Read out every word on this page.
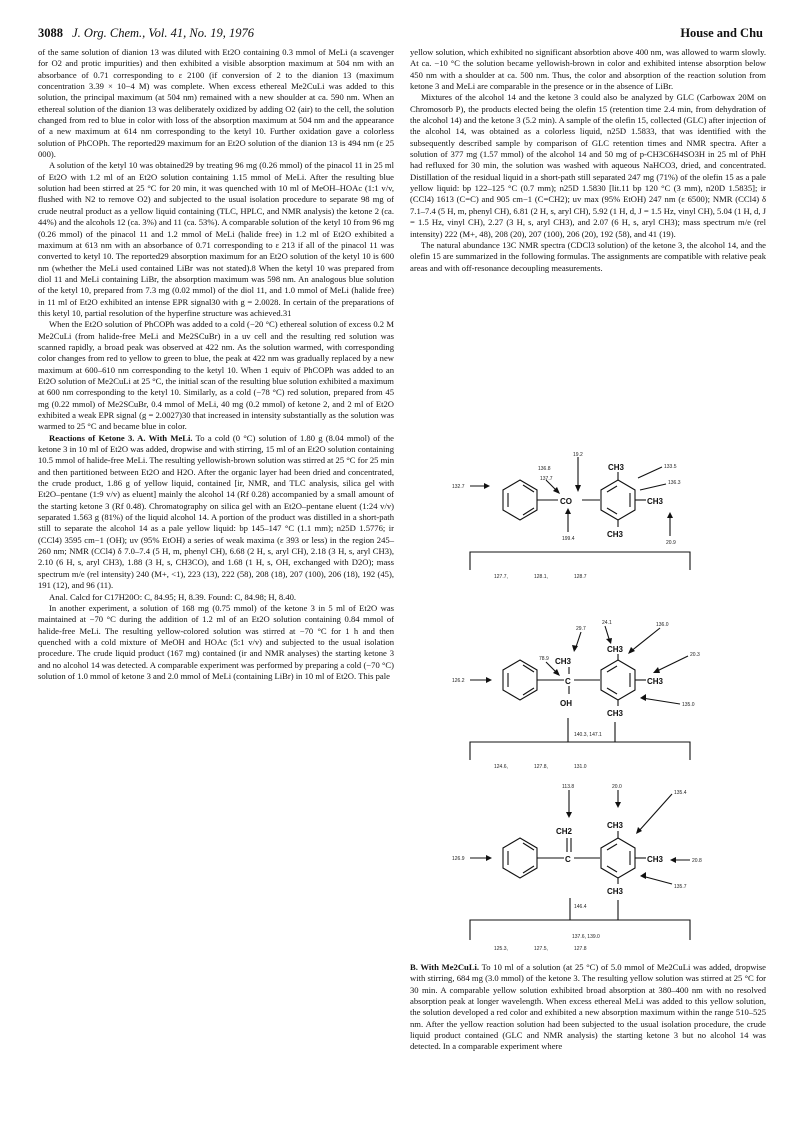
3088 J. Org. Chem., Vol. 41, No. 19, 1976	House and Chu

of the same solution of dianion 13 was diluted with Et2O containing 0.3 mmol of MeLi (a scavenger for O2 and protic impurities) and then exhibited a visible absorption maximum at 504 nm with an absorbance of 0.71 corresponding to ε 2100 (if conversion of 2 to the dianion 13 (maximum concentration 3.39 × 10−4 M) was complete. When excess ethereal Me2CuLi was added to this solution, the principal maximum (at 504 nm) remained with a new shoulder at ca. 590 nm. When an ethereal solution of the dianion 13 was deliberately oxidized by adding O2 (air) to the cell, the solution changed from red to blue in color with loss of the absorption maximum at 504 nm and the appearance of a new maximum at 614 nm corresponding to the ketyl 10. Further oxidation gave a colorless solution of PhCOPh. The reported29 maximum for an Et2O solution of the dianion 13 is 494 nm (ε 25 000).

A solution of the ketyl 10 was obtained29 by treating 96 mg (0.26 mmol) of the pinacol 11 in 25 ml of Et2O with 1.2 ml of an Et2O solution containing 1.15 mmol of MeLi. After the resulting blue solution had been stirred at 25 °C for 20 min, it was quenched with 10 ml of MeOH–HOAc (1:1 v/v, flushed with N2 to remove O2) and subjected to the usual isolation procedure to separate 98 mg of crude neutral product as a yellow liquid containing (TLC, HPLC, and NMR analysis) the ketone 2 (ca. 44%) and the alcohols 12 (ca. 3%) and 11 (ca. 53%). A comparable solution of the ketyl 10 from 96 mg (0.26 mmol) of the pinacol 11 and 1.2 mmol of MeLi (halide free) in 1.2 ml of Et2O exhibited a maximum at 613 nm with an absorbance of 0.71 corresponding to ε 213 if all of the pinacol 11 was converted to ketyl 10. The reported29 absorption maximum for an Et2O solution of the ketyl 10 is 600 nm (whether the MeLi used contained LiBr was not stated).8 When the ketyl 10 was prepared from diol 11 and MeLi containing LiBr, the absorption maximum was 598 nm. An analogous blue solution of the ketyl 10, prepared from 7.3 mg (0.02 mmol) of the diol 11, and 1.0 mmol of MeLi (halide free) in 11 ml of Et2O exhibited an intense EPR signal30 with g = 2.0028. In certain of the preparations of this ketyl 10, partial resolution of the hyperfine structure was achieved.31

When the Et2O solution of PhCOPh was added to a cold (−20 °C) ethereal solution of excess 0.2 M Me2CuLi (from halide-free MeLi and Me2SCuBr) in a uv cell and the resulting red solution was scanned rapidly, a broad peak was observed at 422 nm. As the solution warmed, with corresponding color changes from red to yellow to green to blue, the peak at 422 nm was gradually replaced by a new maximum at 600–610 nm corresponding to the ketyl 10. When 1 equiv of PhCOPh was added to an Et2O solution of Me2CuLi at 25 °C, the initial scan of the resulting blue solution exhibited a maximum at 600 nm corresponding to the ketyl 10. Similarly, as a cold (−78 °C) red solution, prepared from 45 mg (0.22 mmol) of Me2SCuBr, 0.4 mmol of MeLi, 40 mg (0.2 mmol) of ketone 2, and 2 ml of Et2O exhibited a weak EPR signal (g = 2.0027)30 that increased in intensity substantially as the solution was warmed to 25 °C and became blue in color.

Reactions of Ketone 3. A. With MeLi. To a cold (0 °C) solution of 1.80 g (8.04 mmol) of the ketone 3 in 10 ml of Et2O was added, dropwise and with stirring, 15 ml of an Et2O solution containing 10.5 mmol of halide-free MeLi. The resulting yellowish-brown solution was stirred at 25 °C for 25 min and then partitioned between Et2O and H2O. After the organic layer had been dried and concentrated, the crude product, 1.86 g of yellow liquid, contained [ir, NMR, and TLC analysis, silica gel with Et2O–pentane (1:9 v/v) as eluent] mainly the alcohol 14 (Rf 0.28) accompanied by a small amount of the starting ketone 3 (Rf 0.48). Chromatography on silica gel with an Et2O–pentane eluent (1:24 v/v) separated 1.563 g (81%) of the liquid alcohol 14. A portion of the product was distilled in a short-path still to separate the alcohol 14 as a pale yellow liquid: bp 145–147 °C (1.1 mm); n25D 1.5776; ir (CCl4) 3595 cm−1 (OH); uv (95% EtOH) a series of weak maxima (ε 393 or less) in the region 245–260 nm; NMR (CCl4) δ 7.0–7.4 (5 H, m, phenyl CH), 6.68 (2 H, s, aryl CH), 2.18 (3 H, s, aryl CH3), 2.10 (6 H, s, aryl CH3), 1.88 (3 H, s, CH3CO), and 1.68 (1 H, s, OH, exchanged with D2O); mass spectrum m/e (rel intensity) 240 (M+, <1), 223 (13), 222 (58), 208 (18), 207 (100), 206 (18), 192 (45), 191 (12), and 96 (11).

Anal. Calcd for C17H20O: C, 84.95; H, 8.39. Found: C, 84.98; H, 8.40.

In another experiment, a solution of 168 mg (0.75 mmol) of the ketone 3 in 5 ml of Et2O was maintained at −70 °C during the addition of 1.2 ml of an Et2O solution containing 0.84 mmol of halide-free MeLi. The resulting yellow-colored solution was stirred at −70 °C for 1 h and then quenched with a cold mixture of MeOH and HOAc (5:1 v/v) and subjected to the usual isolation procedure. The crude liquid product (167 mg) contained (ir and NMR analyses) the starting ketone 3 and no alcohol 14 was detected. A comparable experiment was performed by preparing a cold (−70 °C) solution of 1.0 mmol of ketone 3 and 2.0 mmol of MeLi (containing LiBr) in 10 ml of Et2O. This pale

yellow solution, which exhibited no significant absorbtion above 400 nm, was allowed to warm slowly. At ca. −10 °C the solution became yellowish-brown in color and exhibited intense absorption below 450 nm with a shoulder at ca. 500 nm. Thus, the color and absorption of the reaction solution from ketone 3 and MeLi are comparable in the presence or in the absence of LiBr.

Mixtures of the alcohol 14 and the ketone 3 could also be analyzed by GLC (Carbowax 20M on Chromosorb P), the products elected being the olefin 15 (retention time 2.4 min, from dehydration of the alcohol 14) and the ketone 3 (5.2 min). A sample of the olefin 15, collected (GLC) after injection of the alcohol 14, was obtained as a colorless liquid, n25D 1.5833, that was identified with the subsequently described sample by comparison of GLC retention times and NMR spectra. After a solution of 377 mg (1.57 mmol) of the alcohol 14 and 50 mg of p-CH3C6H4SO3H in 25 ml of PhH had refluxed for 30 min, the solution was washed with aqueous NaHCO3, dried, and concentrated. Distillation of the residual liquid in a short-path still separated 247 mg (71%) of the olefin 15 as a pale yellow liquid: bp 122–125 °C (0.7 mm); n25D 1.5830 [lit.11 bp 120 °C (3 mm), n20D 1.5835]; ir (CCl4) 1613 (C=C) and 905 cm−1 (C=CH2); uv max (95% EtOH) 247 nm (ε 6500); NMR (CCl4) δ 7.1–7.4 (5 H, m, phenyl CH), 6.81 (2 H, s, aryl CH), 5.92 (1 H, d, J = 1.5 Hz, vinyl CH), 5.04 (1 H, d, J = 1.5 Hz, vinyl CH), 2.27 (3 H, s, aryl CH3), and 2.07 (6 H, s, aryl CH3); mass spectrum m/e (rel intensity) 222 (M+, 48), 208 (20), 207 (100), 206 (20), 192 (58), and 41 (19).

The natural abundance 13C NMR spectra (CDCl3 solution) of the ketone 3, the alcohol 14, and the olefin 15 are summarized in the following formulas. The assignments are compatible with relative peak areas and with off-resonance decoupling measurements.

CH3
CO	CH3
CH3
19.2
136.8
137.7
133.5
136.3
132.7
199.4
20.9
127.7,	128.1,	128.7
CH3
CH3
C
OH
CH3
CH3
24.1
29.7
136.0
78.9
20.3
126.2
135.0
140.3, 147.1
124.6,	127.8,	131.0
CH2
CH3
C	CH3
CH3
113.8	20.0
135.4
126.9	20.8
135.7
146.4
137.6, 139.0
125.3,	127.5,	127.8

B. With Me2CuLi. To 10 ml of a solution (at 25 °C) of 5.0 mmol of Me2CuLi was added, dropwise with stirring, 684 mg (3.0 mmol) of the ketone 3. The resulting yellow solution was stirred at 25 °C for 30 min. A comparable yellow solution exhibited broad absorption at 380–400 nm with no resolved absorption peak at longer wavelength. When excess ethereal MeLi was added to this yellow solution, the solution developed a red color and exhibited a new absorption maximum within the range 510–525 nm. After the yellow reaction solution had been subjected to the usual isolation procedure, the crude liquid product contained (GLC and NMR analysis) the starting ketone 3 but no alcohol 14 was detected. In a comparable experiment where
